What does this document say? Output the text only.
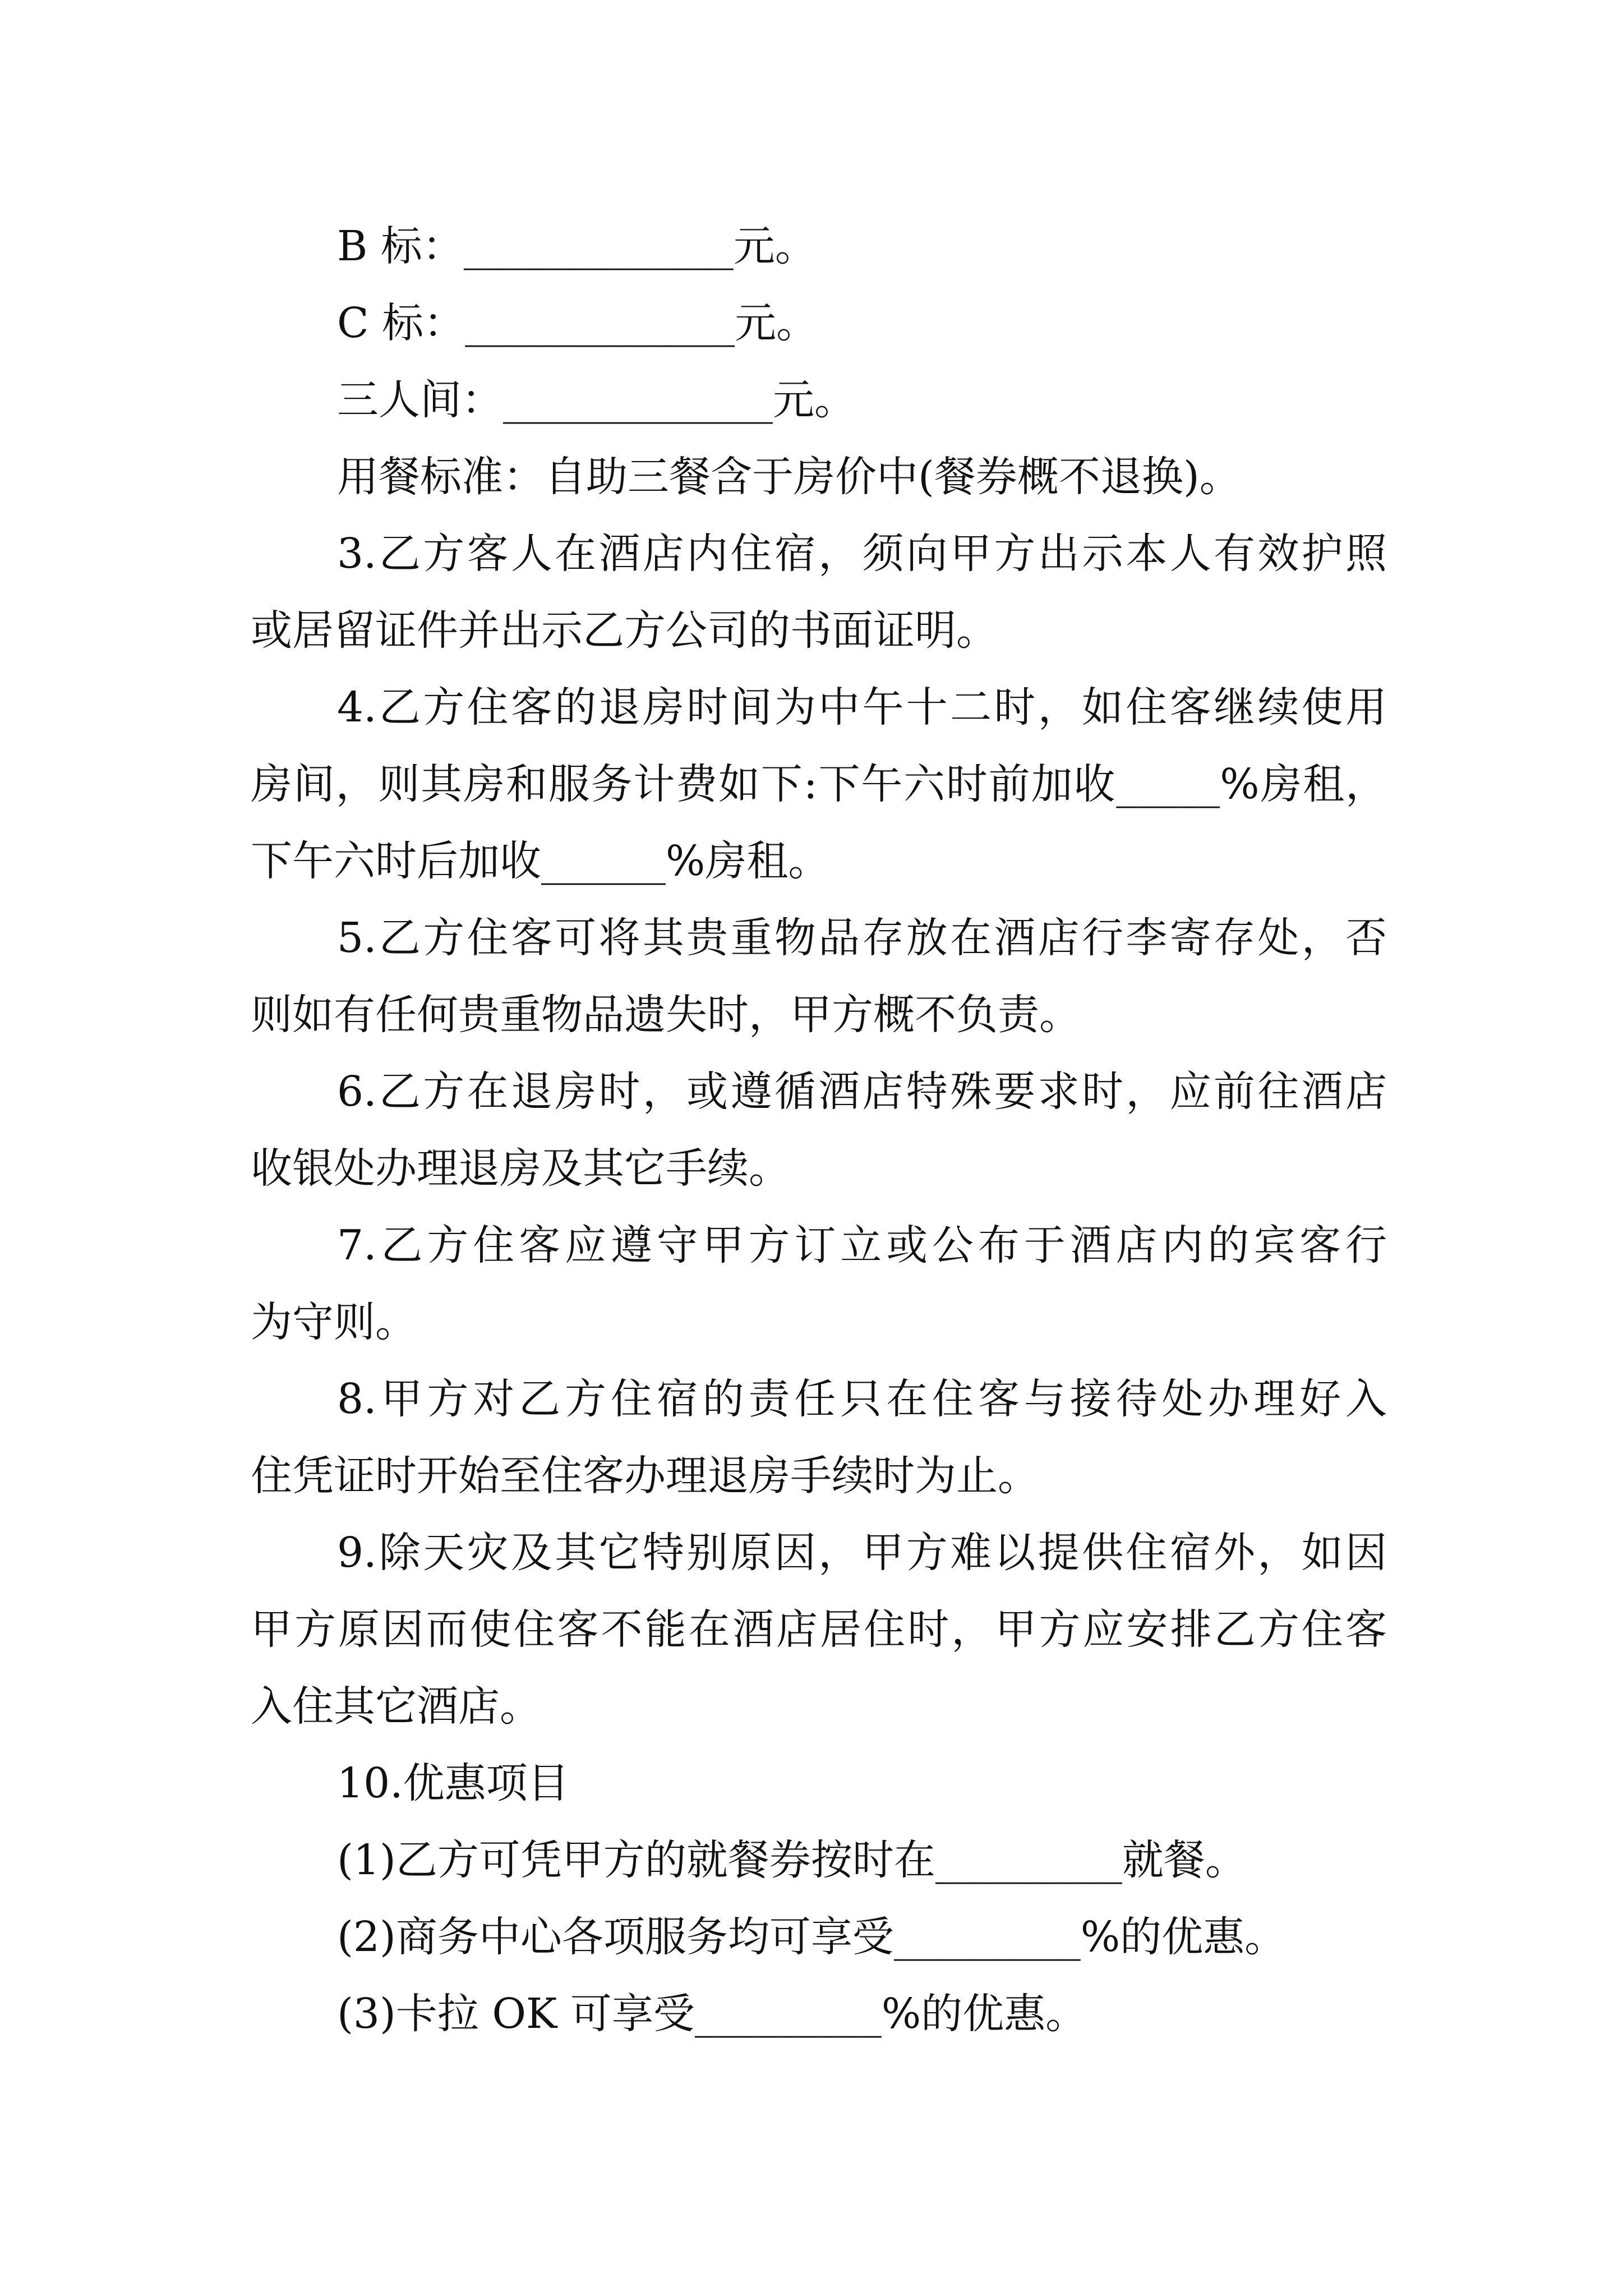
B 标：_____________元。
C 标：_____________元。
三人间：_____________元。
用餐标准：自助三餐含于房价中(餐券概不退换)。
3.乙方客人在酒店内住宿，须向甲方出示本人有效护照
或居留证件并出示乙方公司的书面证明。
4.乙方住客的退房时间为中午十二时，如住客继续使用
房间，则其房和服务计费如下:下午六时前加收_____%房租，
下午六时后加收______%房租。
5.乙方住客可将其贵重物品存放在酒店行李寄存处，否
则如有任何贵重物品遗失时，甲方概不负责。
6.乙方在退房时，或遵循酒店特殊要求时，应前往酒店
收银处办理退房及其它手续。
7.乙方住客应遵守甲方订立或公布于酒店内的宾客行
为守则。
8.甲方对乙方住宿的责任只在住客与接待处办理好入
住凭证时开始至住客办理退房手续时为止。
9.除天灾及其它特别原因，甲方难以提供住宿外，如因
甲方原因而使住客不能在酒店居住时，甲方应安排乙方住客
入住其它酒店。
10.优惠项目
(1)乙方可凭甲方的就餐券按时在_________就餐。
(2)商务中心各项服务均可享受_________%的优惠。
(3)卡拉 OK 可享受_________%的优惠。
